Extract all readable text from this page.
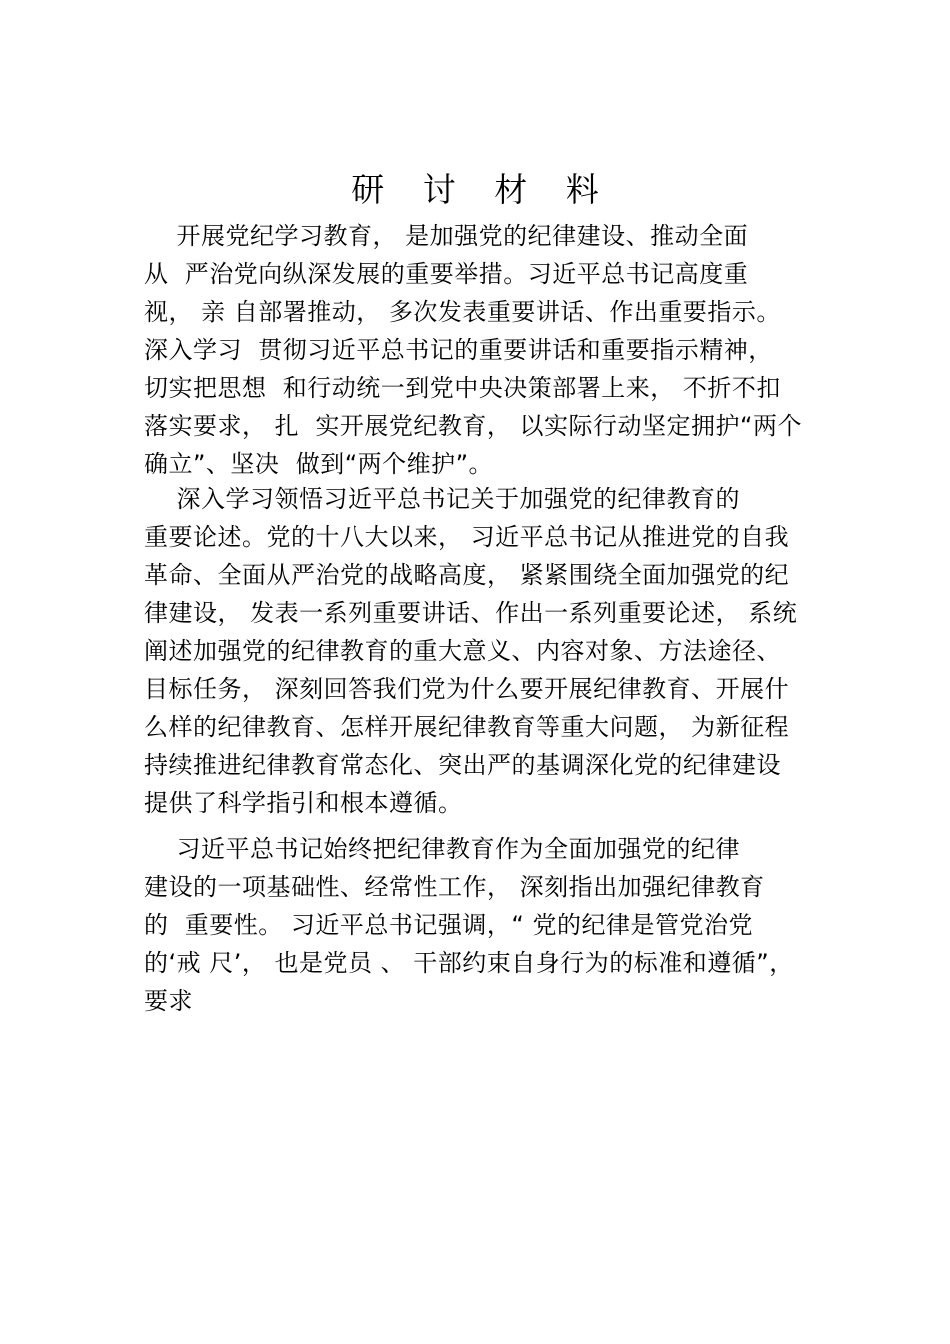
研 讨 材 料
开展党纪学习教育， 是加强党的纪律建设、推动全面
从  严治党向纵深发展的重要举措。习近平总书记高度重
视， 亲 自部署推动， 多次发表重要讲话、作出重要指示。
深入学习  贯彻习近平总书记的重要讲话和重要指示精神，
切实把思想  和行动统一到党中央决策部署上来， 不折不扣
落实要求， 扎  实开展党纪教育， 以实际行动坚定拥护“两个
确立”、坚决  做到“两个维护”。
深入学习领悟习近平总书记关于加强党的纪律教育的
重要论述。党的十八大以来， 习近平总书记从推进党的自我
革命、全面从严治党的战略高度， 紧紧围绕全面加强党的纪
律建设， 发表一系列重要讲话、作出一系列重要论述， 系统
阐述加强党的纪律教育的重大意义、内容对象、方法途径、
目标任务， 深刻回答我们党为什么要开展纪律教育、开展什
么样的纪律教育、怎样开展纪律教育等重大问题， 为新征程
持续推进纪律教育常态化、突出严的基调深化党的纪律建设
提供了科学指引和根本遵循。
习近平总书记始终把纪律教育作为全面加强党的纪律
建设的一项基础性、经常性工作， 深刻指出加强纪律教育
的  重要性。 习近平总书记强调，“ 党的纪律是管党治党
的‘戒 尺’， 也是党员 、 干部约束自身行为的标准和遵循”，
要求
